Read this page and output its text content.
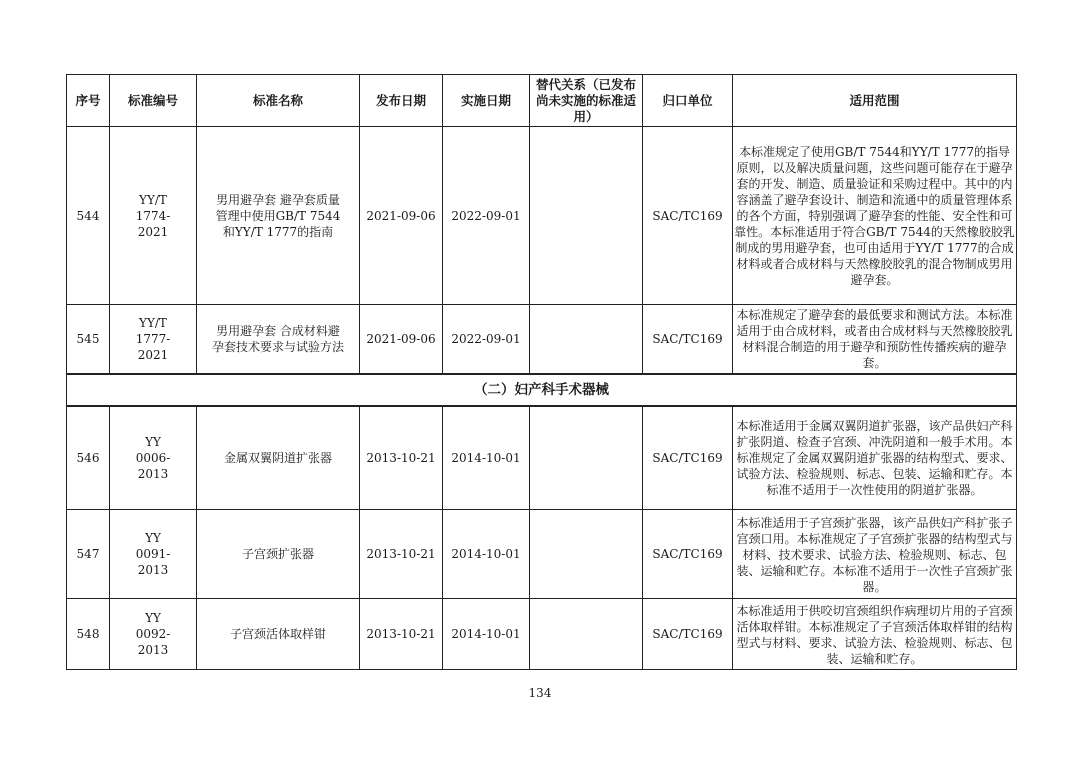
序号	标准编号	标准名称	发布日期	实施日期	替代关系（已发布尚未实施的标准适用）	归口单位	适用范围
544	YY/T 1774-2021	男用避孕套 避孕套质量管理中使用GB/T 7544和YY/T 1777的指南	2021-09-06	2022-09-01		SAC/TC169	本标准规定了使用GB/T 7544和YY/T 1777的指导原则，以及解决质量问题，这些问题可能存在于避孕套的开发、制造、质量验证和采购过程中。其中的内容涵盖了避孕套设计、制造和流通中的质量管理体系的各个方面，特别强调了避孕套的性能、安全性和可靠性。本标准适用于符合GB/T 7544的天然橡胶胶乳制成的男用避孕套，也可由适用于YY/T 1777的合成材料或者合成材料与天然橡胶胶乳的混合物制成男用避孕套。
545	YY/T 1777-2021	男用避孕套 合成材料避孕套技术要求与试验方法	2021-09-06	2022-09-01		SAC/TC169	本标准规定了避孕套的最低要求和测试方法。本标准适用于由合成材料，或者由合成材料与天然橡胶胶乳材料混合制造的用于避孕和预防性传播疾病的避孕套。
（二）妇产科手术器械							
546	YY 0006-2013	金属双翼阴道扩张器	2013-10-21	2014-10-01		SAC/TC169	本标准适用于金属双翼阴道扩张器，该产品供妇产科扩张阴道、检查子宫颈、冲洗阴道和一般手术用。本标准规定了金属双翼阴道扩张器的结构型式、要求、试验方法、检验规则、标志、包装、运输和贮存。本标准不适用于一次性使用的阴道扩张器。
547	YY 0091-2013	子宫颈扩张器	2013-10-21	2014-10-01		SAC/TC169	本标准适用于子宫颈扩张器，该产品供妇产科扩张子宫颈口用。本标准规定了子宫颈扩张器的结构型式与材料、技术要求、试验方法、检验规则、标志、包装、运输和贮存。本标准不适用于一次性子宫颈扩张器。
548	YY 0092-2013	子宫颈活体取样钳	2013-10-21	2014-10-01		SAC/TC169	本标准适用于供咬切宫颈组织作病理切片用的子宫颈活体取样钳。本标准规定了子宫颈活体取样钳的结构型式与材料、要求、试验方法、检验规则、标志、包装、运输和贮存。
134
